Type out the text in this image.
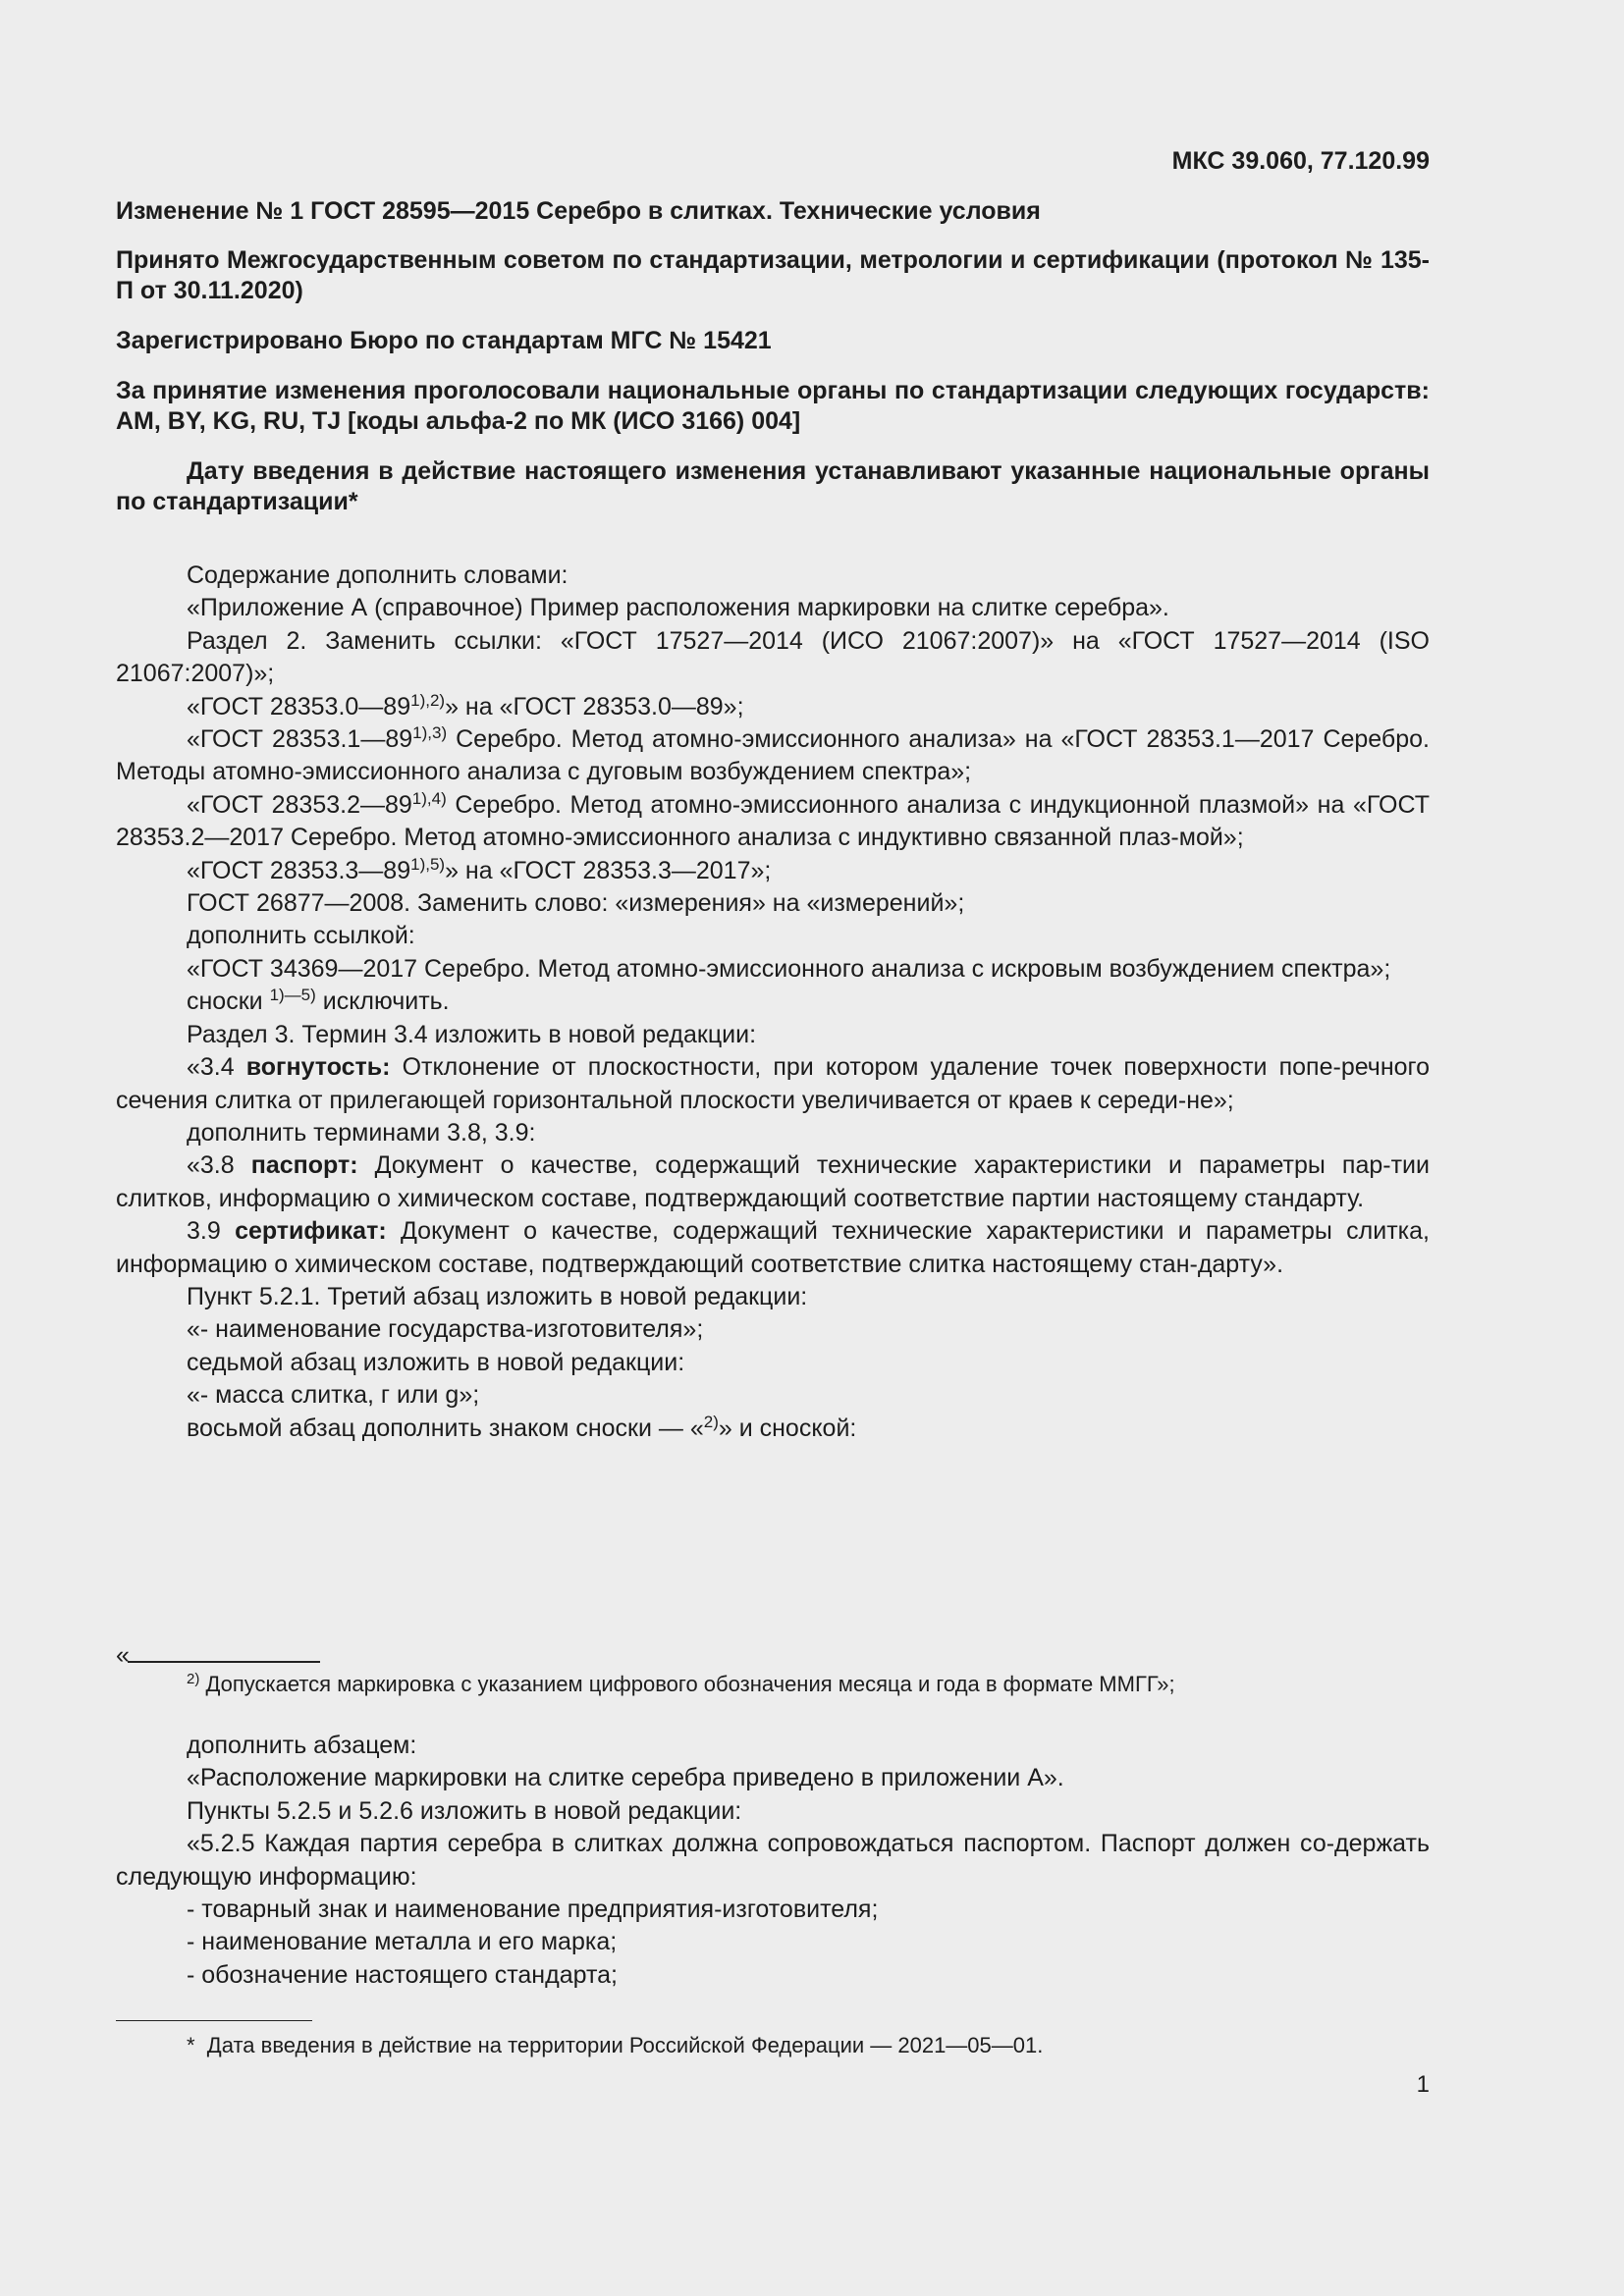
МКС 39.060, 77.120.99

Изменение № 1 ГОСТ 28595—2015 Серебро в слитках. Технические условия

Принято Межгосударственным советом по стандартизации, метрологии и сертификации (протокол № 135-П от 30.11.2020)

Зарегистрировано Бюро по стандартам МГС № 15421

За принятие изменения проголосовали национальные органы по стандартизации следующих государств: AM, BY, KG, RU, TJ [коды альфа-2 по МК (ИСО 3166) 004]

Дату введения в действие настоящего изменения устанавливают указанные национальные органы по стандартизации*

Содержание дополнить словами:

«Приложение А (справочное) Пример расположения маркировки на слитке серебра».

Раздел 2. Заменить ссылки: «ГОСТ 17527—2014 (ИСО 21067:2007)» на «ГОСТ 17527—2014 (ISO 21067:2007)»;

«ГОСТ $28353.0—89^{1),2)}$» на «ГОСТ 28353.0—89»;

«ГОСТ $28353.1—89^{1),3)}$ Серебро. Метод атомно-эмиссионного анализа» на «ГОСТ 28353.1—2017 Серебро. Методы атомно-эмиссионного анализа с дуговым возбуждением спектра»;

«ГОСТ $28353.2—89^{1),4)}$ Серебро. Метод атомно-эмиссионного анализа с индукционной плазмой» на «ГОСТ 28353.2—2017 Серебро. Метод атомно-эмиссионного анализа с индуктивно связанной плаз-мой»;

«ГОСТ $28353.3—89^{1),5)}$» на «ГОСТ 28353.3—2017»;

ГОСТ 26877—2008. Заменить слово: «измерения» на «измерений»;

дополнить ссылкой:

«ГОСТ 34369—2017 Серебро. Метод атомно-эмиссионного анализа с искровым возбуждением спектра»;

сноски $^{1)—5)}$ исключить.

Раздел 3. Термин 3.4 изложить в новой редакции:

«3.4 вогнутость: Отклонение от плоскостности, при котором удаление точек поверхности попе-речного сечения слитка от прилегающей горизонтальной плоскости увеличивается от краев к середи-не»;

дополнить терминами 3.8, 3.9:

«3.8 паспорт: Документ о качестве, содержащий технические характеристики и параметры пар-тии слитков, информацию о химическом составе, подтверждающий соответствие партии настоящему стандарту.

3.9 сертификат: Документ о качестве, содержащий технические характеристики и параметры слитка, информацию о химическом составе, подтверждающий соответствие слитка настоящему стан-дарту».

Пункт 5.2.1. Третий абзац изложить в новой редакции:

«- наименование государства-изготовителя»;

седьмой абзац изложить в новой редакции:

«- масса слитка, г или g»;

восьмой абзац дополнить знаком сноски — «$^{2)}$» и сноской:

«
$^{2)}$ Допускается маркировка с указанием цифрового обозначения месяца и года в формате ММГГ»;

дополнить абзацем:

«Расположение маркировки на слитке серебра приведено в приложении А».

Пункты 5.2.5 и 5.2.6 изложить в новой редакции:

«5.2.5 Каждая партия серебра в слитках должна сопровождаться паспортом. Паспорт должен со-держать следующую информацию:

- товарный знак и наименование предприятия-изготовителя;

- наименование металла и его марка;

- обозначение настоящего стандарта;

* Дата введения в действие на территории Российской Федерации — 2021—05—01.
1
